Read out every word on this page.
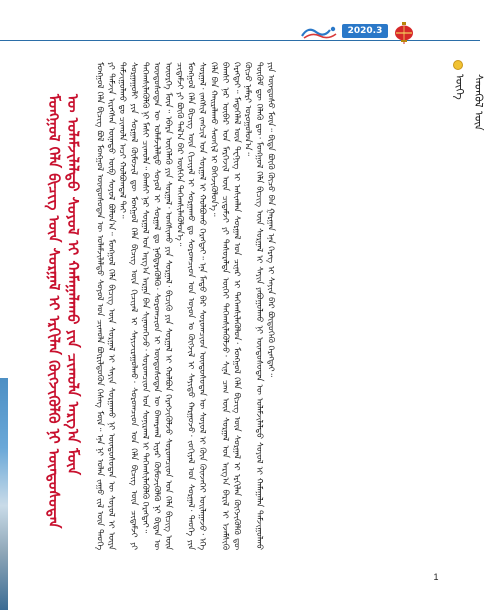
2020.3
ᠰᠡᠳᠬᠦᠯ ᠦᠨ ᠦᠭᠡ

ᠮᠣᠩᠭᠣᠯ ᠬᠡᠯᠡ ᠪᠢᠴᠢᠭ ᠪᠣᠯ ᠮᠣᠩᠭᠣᠯ ᠦᠨᠳᠦᠰᠦᠲᠡᠨ ᠦ ᠤᠯᠠᠮᠵᠢᠯᠠᠯᠲᠤ ᠰᠣᠶᠣᠯ ᠤᠨ ᠴᠢᠬᠤᠯᠠ ᠪᠦᠷᠢᠯᠳᠦᠬᠦᠨ ᠬᠡᠰᠡᠭ ᠮᠥᠨ᠃ ᠡᠨᠡ ᠨᠢ ᠣᠯᠠᠨ ᠵᠠᠭᠤ ᠵᠢᠯ ᠦᠨ ᠲᠡᠦᠬᠡ ᠶᠢ ᠳᠠᠮᠵᠢᠨ ᠢᠷᠡᠭᠰᠡᠨ ᠦᠨᠡᠲᠦ ᠥᠪ ᠰᠣᠶᠣᠯ ᠪᠣᠯᠤᠨ᠎ᠠ᠃ ᠮᠣᠩᠭᠣᠯ ᠬᠡᠯᠡ ᠪᠢᠴᠢᠭ ᠦᠨ ᠰᠤᠷᠭᠠᠯ ᠢ ᠰᠠᠶᠢᠨ ᠰᠤᠷᠭᠠᠬᠤ ᠨᠢ ᠦᠨᠳᠦᠰᠦᠲᠡᠨ ᠦ ᠰᠣᠶᠣᠯ ᠢ ᠦᠶᠡ ᠳᠠᠮᠵᠢᠭᠤᠯᠬᠤ ᠳᠤ ᠴᠢᠬᠤᠯᠠ ᠠᠴᠢ ᠬᠣᠯᠪᠣᠭᠳᠠᠯ ᠲᠠᠶ᠃ ᠰᠤᠷᠭᠠᠭᠤᠯᠢ ᠶᠢᠨ ᠰᠤᠷᠭᠠᠯ ᠬᠦᠮᠦᠵᠢᠯ ᠳᠦ ᠮᠣᠩᠭᠣᠯ ᠬᠡᠯᠡ ᠪᠢᠴᠢᠭ ᠦᠨ ᠬᠢᠴᠢᠶᠡᠯ ᠢ ᠰᠠᠶᠢᠵᠢᠷᠠᠭᠤᠯᠬᠤ᠂ ᠰᠤᠷᠤᠭᠴᠢᠳ ᠤᠨ ᠬᠡᠯᠡ ᠪᠢᠴᠢᠭ ᠦᠨ ᠴᠢᠳᠠᠮᠵᠢ ᠶᠢ ᠳᠡᠭᠡᠭ᠍ᠰᠢᠯᠡᠭᠦᠯᠬᠦ ᠨᠢ ᠮᠠᠰᠢ ᠴᠢᠬᠤᠯᠠ᠃ ᠪᠠᠭᠰᠢ ᠨᠠᠷ ᠰᠤᠷᠭᠠᠯ ᠤᠨ ᠠᠷᠭ᠎ᠠ ᠠᠷᠭᠠ ᠪᠠᠨ ᠰᠢᠨᠡᠳᠬᠡᠵᠦ᠂ ᠰᠤᠷᠤᠭᠴᠢᠳ ᠤᠨ ᠰᠣᠨᠢᠷᠬᠠᠯ ᠢ ᠳᠡᠭᠡᠭ᠍ᠰᠢᠯᠡᠭᠦᠯᠬᠦ ᠬᠡᠷᠡᠭᠲᠡᠢ᠃ ᠦᠨᠳᠦᠰᠦᠲᠡᠨ ᠦ ᠤᠯᠠᠮᠵᠢᠯᠠᠯᠲᠤ ᠰᠣᠶᠣᠯ ᠢ ᠰᠤᠷᠭᠠᠯ ᠳᠤ ᠨᠡᠪᠲᠡᠷᠡᠭᠦᠯᠬᠦ᠂ ᠰᠤᠷᠤᠭᠴᠢᠳ ᠢ ᠦᠨᠳᠦᠰᠦᠲᠡᠨ ᠦ ᠪᠠᠬᠠᠷᠬᠠᠯ ᠢᠶᠠᠷ ᠬᠦᠮᠦᠵᠢᠭᠦᠯᠬᠦ ᠨᠢ ᠪᠢᠳᠡᠨ ᠦ ᠦᠦᠷᠭᠡ ᠮᠥᠨ᠃ ᠡᠪᠡᠷᠡ ᠦᠭᠡᠯᠡᠬᠦ ᠶᠢᠨ ᠰᠤᠷᠭᠠᠯ᠂ ᠤᠩᠰᠢᠬᠤ ᠶᠢᠨ ᠰᠤᠷᠭᠠᠯ᠂ ᠪᠢᠴᠢᠬᠦ ᠶᠢᠨ ᠰᠤᠷᠭᠠᠯ ᠢ ᠬᠣᠯᠪᠣᠨ ᠬᠡᠷᠡᠭᠵᠢᠭᠦᠯᠵᠦ ᠰᠤᠷᠤᠭᠴᠢᠳ ᠤᠨ ᠬᠡᠯᠡ ᠪᠢᠴᠢᠭ ᠦᠨ ᠴᠢᠳᠠᠮᠵᠢ ᠶᠢ ᠪᠦᠬᠦ ᠲᠠᠯ᠎ᠠ ᠪᠠᠷ ᠥᠰᠬᠡᠨ ᠳᠡᠭᠡᠭ᠍ᠰᠢᠯᠡᠭᠦᠯᠦᠨ᠎ᠡ᠃ ᠮᠣᠩᠭᠣᠯ ᠬᠡᠯᠡ ᠪᠢᠴᠢᠭ ᠦᠨ ᠬᠢᠴᠢᠶᠡᠯ ᠢ ᠰᠤᠷᠭᠠᠬᠤ ᠳᠤ ᠰᠤᠷᠤᠭᠴᠢᠳ ᠤᠨ ᠣᠶᠤᠨ ᠤ ᠬᠥᠭᠵᠢᠯ ᠢ ᠰᠠᠶᠢᠲᠤ ᠬᠠᠷᠭᠤᠵᠤ᠂ ᠵᠣᠬᠢᠶᠠᠯ ᠤᠨ ᠰᠤᠷᠭᠠᠯ᠂ ᠲᠡᠦᠬᠡ ᠶᠢᠨ ᠰᠤᠷᠭᠠᠯ᠂ ᠵᠠᠩᠰᠢᠯ ᠵᠠᠩᠴᠢᠯ ᠤᠨ ᠰᠤᠷᠭᠠᠯ ᠢ ᠬᠣᠯᠪᠣᠬᠤ ᠬᠡᠷᠡᠭᠲᠡᠢ᠃ ᠡᠨᠡ ᠮᠡᠲᠦ ᠪᠡᠷ ᠰᠤᠷᠤᠭᠴᠢᠳ ᠦᠨᠳᠦᠰᠦᠲᠡᠨ ᠦ ᠰᠣᠶᠣᠯ ᠢ ᠭᠦᠨ ᠭᠦᠨᠵᠡᠭᠡᠢ ᠣᠢᠯᠠᠭᠠᠵᠤ᠂ ᠡᠬᠡ ᠬᠡᠯᠡ ᠪᠡᠨ ᠬᠠᠢᠷᠠᠯᠠᠬᠤ ᠰᠡᠳᠬᠢᠯ ᠢ ᠪᠡᠬᠡᠵᠢᠭᠦᠯᠦᠨ᠎ᠡ᠃ ᠪᠠᠭᠰᠢ ᠨᠠᠷ ᠥᠪᠡᠷ ᠤᠨ ᠮᠡᠷᠭᠡᠵᠢᠯ ᠦᠨ ᠴᠢᠳᠠᠮᠵᠢ ᠶᠢ ᠲᠠᠰᠤᠷᠠᠯᠲᠠ ᠦᠭᠡᠢ ᠳᠡᠭᠡᠭ᠍ᠰᠢᠯᠡᠭᠦᠯᠵᠦ᠂ ᠰᠢᠨᠡ ᠴᠠᠭ ᠦᠨ ᠰᠤᠷᠭᠠᠯ ᠤᠨ ᠠᠷᠭ᠎ᠠ ᠪᠠᠷᠢᠯ ᠢ ᠡᠵᠡᠮᠰᠢᠬᠦ ᠬᠡᠷᠡᠭᠲᠡᠢ᠃ ᠮᠡᠳᠡᠭᠡᠯᠡᠯ ᠦᠨ ᠲᠧᠬᠨᠢᠭ ᠢ ᠠᠰᠢᠭᠯᠠᠨ ᠰᠤᠷᠭᠠᠯ ᠤᠨ ᠴᠢᠨᠠᠷ ᠢ ᠳᠡᠭᠡᠭ᠍ᠰᠢᠯᠡᠭᠦᠯᠦᠨ᠂ ᠮᠣᠩᠭᠣᠯ ᠬᠡᠯᠡ ᠪᠢᠴᠢᠭ ᠦᠨ ᠰᠤᠷᠭᠠᠯ ᠢ ᠡᠷᠬᠢᠯᠡᠨ ᠬᠥᠭᠵᠢᠭᠦᠯᠬᠦ ᠳᠦ ᠬᠦᠴᠦ ᠨᠡᠮᠡᠷᠢ ᠣᠷᠣᠭᠤᠯᠤᠨ᠎ᠠ᠃ ᠳᠦᠭᠦᠮ ᠳᠦ ᠬᠡᠯᠡᠬᠦ ᠳᠦ᠂ ᠮᠣᠩᠭᠣᠯ ᠬᠡᠯᠡ ᠪᠢᠴᠢᠭ ᠦᠨ ᠰᠤᠷᠭᠠᠯ ᠢ ᠰᠠᠶᠢᠨ ᠶᠠᠪᠤᠭᠤᠯᠬᠤ ᠨᠢ ᠦᠨᠳᠦᠰᠦᠲᠡᠨ ᠦ ᠤᠯᠠᠮᠵᠢᠯᠠᠯᠲᠤ ᠰᠣᠶᠣᠯ ᠢ ᠬᠠᠮᠠᠭᠠᠯᠠᠨ ᠳᠠᠮᠵᠢᠭᠤᠯᠬᠤ ᠶᠢᠨ ᠦᠨᠳᠦᠰᠦ ᠮᠥᠨ᠃ ᠪᠢᠳᠡ ᠪᠦᠬᠦ ᠬᠦᠴᠦ ᠪᠡᠨ ᠭᠠᠷᠭᠠᠨ ᠡᠨᠡ ᠬᠡᠷᠡᠭ ᠢ ᠰᠠᠶᠢᠨ ᠪᠡᠷ ᠪᠦᠲᠦᠭᠡᠬᠦ ᠬᠡᠷᠡᠭᠲᠡᠢ᠃

ᠮᠣᠩᠭᠣᠯ ᠬᠡᠯᠡ ᠪᠢᠴᠢᠭ ᠦᠨ ᠰᠤᠷᠭᠠᠯ ᠢ ᠡᠷᠬᠢᠯᠡᠨ ᠬᠥᠭᠵᠢᠭᠦᠯᠬᠦ ᠨᠢ ᠦᠨᠳᠦᠰᠦᠲᠡᠨ ᠦ ᠤᠯᠠᠮᠵᠢᠯᠠᠯᠲᠤ ᠰᠣᠶᠣᠯ ᠢ ᠬᠠᠮᠠᠭᠠᠯᠠᠬᠤ ᠶᠢᠨ ᠴᠢᠬᠤᠯᠠ ᠠᠷᠭ᠎ᠠ ᠮᠥᠨ
1
